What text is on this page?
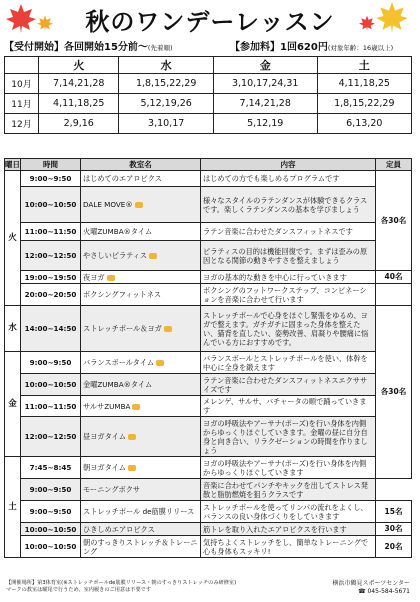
秋のワンデーレッスン
【受付開始】各回開始15分前～(先着順)	【参加料】1回620円(対象年齢：16歳以上)
	火	水	金	土
10月	7,14,21,28	1,8,15,22,29	3,10,17,24,31	4,11,18,25
11月	4,11,18,25	5,12,19,26	7,14,21,28	1,8,15,22,29
12月	2,9,16	3,10,17	5,12,19	6,13,20
曜日	時間	教室名	内容	定員
火	9:00~9:50	はじめてのエアロビクス	はじめての方でも楽しめるプログラムです	各30名
	10:00~10:50	DALE MOVE®	様々なスタイルのラテンダンスが体験できるクラスです。楽しくラテンダンスの基本を学びましょう	
	11:00~11:50	火曜ZUMBA®タイム	ラテン音楽に合わせたダンスフィットネスです	
	12:00~12:50	やさしいピラティス	ピラティスの目的は機能回復です。まずは歪みの原因となる関節の動きやすさを整えましょう	
	19:00~19:50	夜ヨガ	ヨガの基本的な動きを中心に行っていきます	40名
	20:00~20:50	ボクシングフィットネス	ボクシングのフットワークステップ、コンビネーションを音楽に合わせて行います	
水	14:00~14:50	ストレッチポール＆ヨガ	ストレッチポールで心身をほぐし緊張をゆるめ、ヨガで整えます。ガチガチに固まった身体を整えたい、猫背を直したい、姿勢改善、肩凝りや腰痛に悩んでいる方におすすめです。	各30名
金	9:00~9:50	バランスボールタイム	バランスボールとストレッチポールを使い、体幹を中心に全身を鍛えます	
	10:00~10:50	金曜ZUMBA®タイム	ラテン音楽に合わせたダンスフィットネスエクササイズです	
	11:00~11:50	サルサZUMBA	メレンゲ、サルサ、バチャータの順で踊っていきます	
	12:00~12:50	昼ヨガタイム	ヨガの呼吸法やアーサナ(ポーズ)を行い身体を内側からゆっくりほぐしていきます。金曜の昼に自分自身と向き合い、リラクゼーションの時間を作りましょう	
土	7:45~8:45	朝ヨガタイム	ヨガの呼吸法やアーサナ(ポーズ)を行い身体を内側からゆっくりほぐしていきます	
	9:00~9:50	モーニングボクサ	音楽に合わせてパンチやキックを出してストレス発散と脂肪燃焼を狙うクラスです	
	9:00~9:50	ストレッチポール de筋膜リリース	ストレッチポールを使ってリンパの流れをよくし、バランスの良い身体づくりをしていきます	15名
	10:00~10:50	ひきしめエアロビクス	筋トレを取り入れたエアロビクスを行います	30名
	10:00~10:50	朝のすっきりストレッチ＆トレーニング	気持ちよくストレッチをし、簡単なトレーニングで心も身体もスッキリ!	20名
【開催場所】第3体育室(※ストレッチポールde筋膜リリース・朝のすっきりストレッチのみ研修室)
マークの教室は曜尾で行うため、室内履きのご用意は不要です
横浜市鶴見スポーツセンター
☎ 045-584-5671
